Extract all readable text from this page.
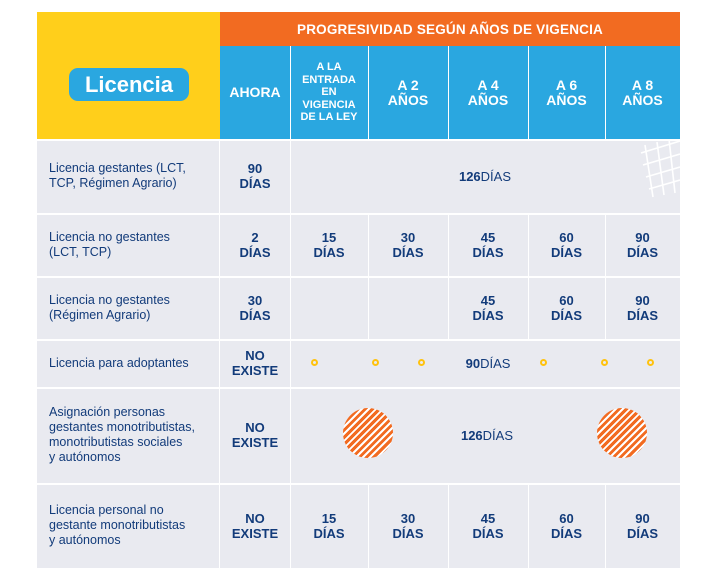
Licencia
PROGRESIVIDAD SEGÚN AÑOS DE VIGENCIA
AHORA
A LA
ENTRADA
EN
VIGENCIA
DE LA LEY
A 2
AÑOS
A 4
AÑOS
A 6
AÑOS
A 8
AÑOS
Licencia gestantes (LCT,
TCP, Régimen Agrario)
Licencia no gestantes
(LCT, TCP)
Licencia no gestantes
(Régimen Agrario)
Licencia para adoptantes
Asignación personas
gestantes monotributistas,
monotributistas sociales
y autónomos
Licencia personal no
gestante monotributistas
y autónomos
90
DÍAS
2
DÍAS
30
DÍAS
NO
EXISTE
NO
EXISTE
NO
EXISTE
126 DÍAS
15
DÍAS
30
DÍAS
45
DÍAS
60
DÍAS
90
DÍAS
45
DÍAS
60
DÍAS
90
DÍAS
90 DÍAS
126 DÍAS
15
DÍAS
30
DÍAS
45
DÍAS
60
DÍAS
90
DÍAS
